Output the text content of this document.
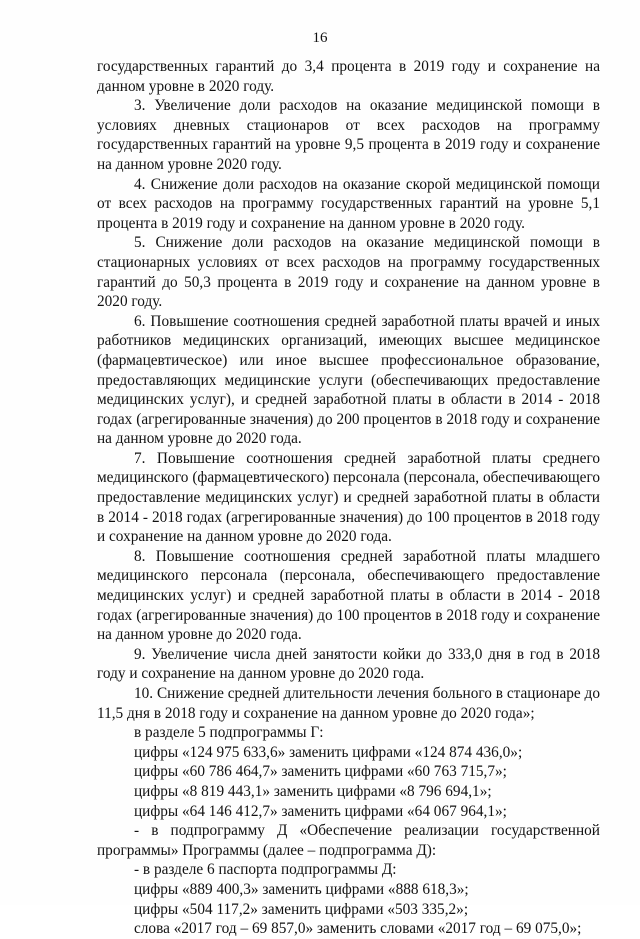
16

государственных гарантий до 3,4 процента в 2019 году и сохранение на данном уровне в 2020 году.

3. Увеличение доли расходов на оказание медицинской помощи в условиях дневных стационаров от всех расходов на программу государственных гарантий на уровне 9,5 процента в 2019 году и сохранение на данном уровне 2020 году.

4. Снижение доли расходов на оказание скорой медицинской помощи от всех расходов на программу государственных гарантий на уровне 5,1 процента в 2019 году и сохранение на данном уровне в 2020 году.

5. Снижение доли расходов на оказание медицинской помощи в стационарных условиях от всех расходов на программу государственных гарантий до 50,3 процента в 2019 году и сохранение на данном уровне в 2020 году.

6. Повышение соотношения средней заработной платы врачей и иных работников медицинских организаций, имеющих высшее медицинское (фармацевтическое) или иное высшее профессиональное образование, предоставляющих медицинские услуги (обеспечивающих предоставление медицинских услуг), и средней заработной платы в области в 2014 - 2018 годах (агрегированные значения) до 200 процентов в 2018 году и сохранение на данном уровне до 2020 года.

7. Повышение соотношения средней заработной платы среднего медицинского (фармацевтического) персонала (персонала, обеспечивающего предоставление медицинских услуг) и средней заработной платы в области в 2014 - 2018 годах (агрегированные значения) до 100 процентов в 2018 году и сохранение на данном уровне до 2020 года.

8. Повышение соотношения средней заработной платы младшего медицинского персонала (персонала, обеспечивающего предоставление медицинских услуг) и средней заработной платы в области в 2014 - 2018 годах (агрегированные значения) до 100 процентов в 2018 году и сохранение на данном уровне до 2020 года.

9. Увеличение числа дней занятости койки до 333,0 дня в год в 2018 году и сохранение на данном уровне до 2020 года.

10. Снижение средней длительности лечения больного в стационаре до 11,5 дня в 2018 году и сохранение на данном уровне до 2020 года»;

в разделе 5 подпрограммы Г:

цифры «124 975 633,6» заменить цифрами «124 874 436,0»;

цифры «60 786 464,7» заменить цифрами «60 763 715,7»;

цифры «8 819 443,1» заменить цифрами «8 796 694,1»;

цифры «64 146 412,7» заменить цифрами «64 067 964,1»;

- в подпрограмму Д «Обеспечение реализации государственной программы» Программы (далее – подпрограмма Д):

- в разделе 6 паспорта подпрограммы Д:

цифры «889 400,3» заменить цифрами «888 618,3»;

цифры «504 117,2» заменить цифрами «503 335,2»;

слова «2017 год – 69 857,0» заменить словами «2017 год – 69 075,0»;
